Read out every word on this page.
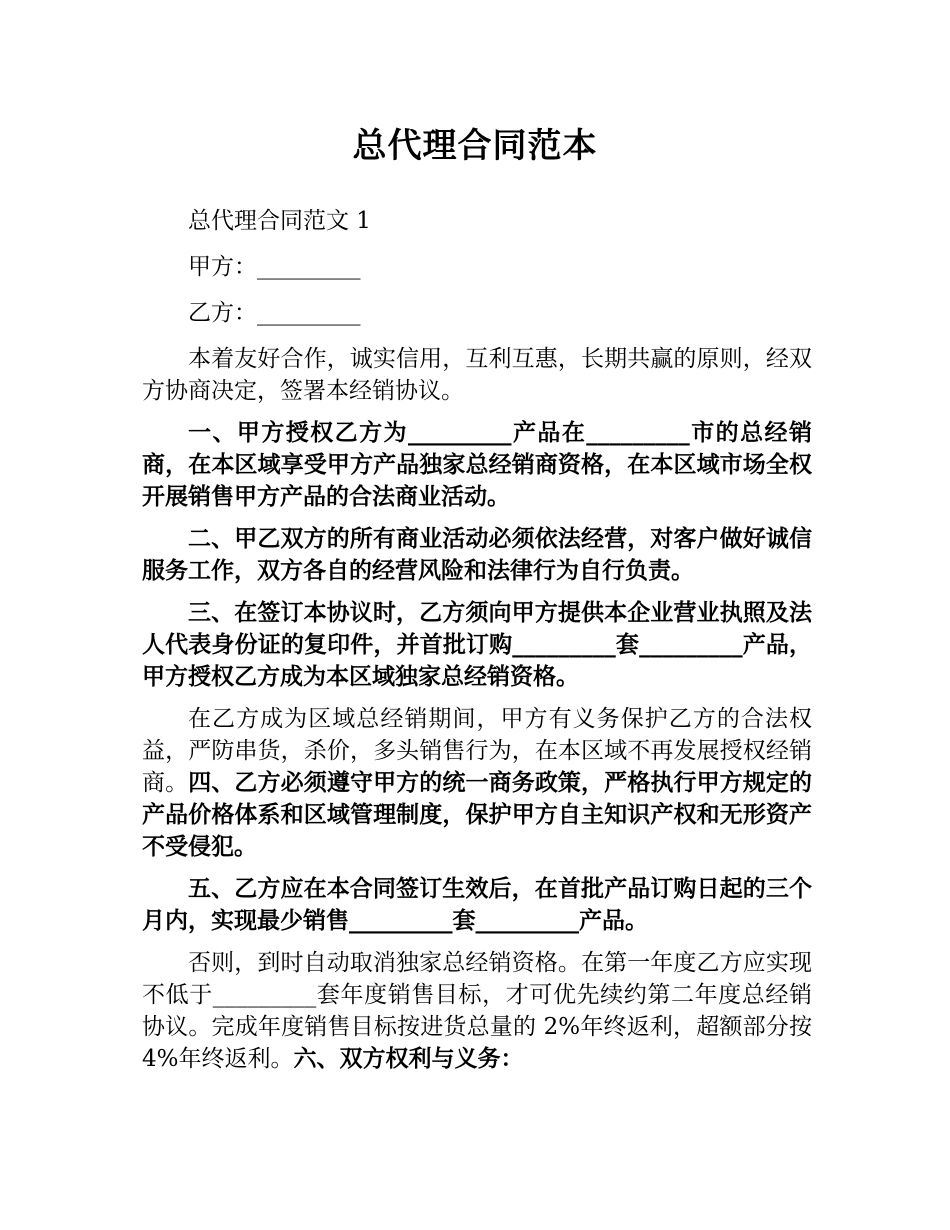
总代理合同范本

总代理合同范文 1

甲方：_________

乙方：_________

本着友好合作，诚实信用，互利互惠，长期共赢的原则，经双方协商决定，签署本经销协议。

一、甲方授权乙方为_________产品在_________市的总经销商，在本区域享受甲方产品独家总经销商资格，在本区域市场全权开展销售甲方产品的合法商业活动。

二、甲乙双方的所有商业活动必须依法经营，对客户做好诚信服务工作，双方各自的经营风险和法律行为自行负责。

三、在签订本协议时，乙方须向甲方提供本企业营业执照及法人代表身份证的复印件，并首批订购_________套_________产品，甲方授权乙方成为本区域独家总经销资格。

在乙方成为区域总经销期间，甲方有义务保护乙方的合法权益，严防串货，杀价，多头销售行为，在本区域不再发展授权经销商。四、乙方必须遵守甲方的统一商务政策，严格执行甲方规定的产品价格体系和区域管理制度，保护甲方自主知识产权和无形资产不受侵犯。

五、乙方应在本合同签订生效后，在首批产品订购日起的三个月内，实现最少销售_________套_________产品。

否则，到时自动取消独家总经销资格。在第一年度乙方应实现不低于_________套年度销售目标，才可优先续约第二年度总经销协议。完成年度销售目标按进货总量的 2%年终返利，超额部分按 4%年终返利。六、双方权利与义务：
